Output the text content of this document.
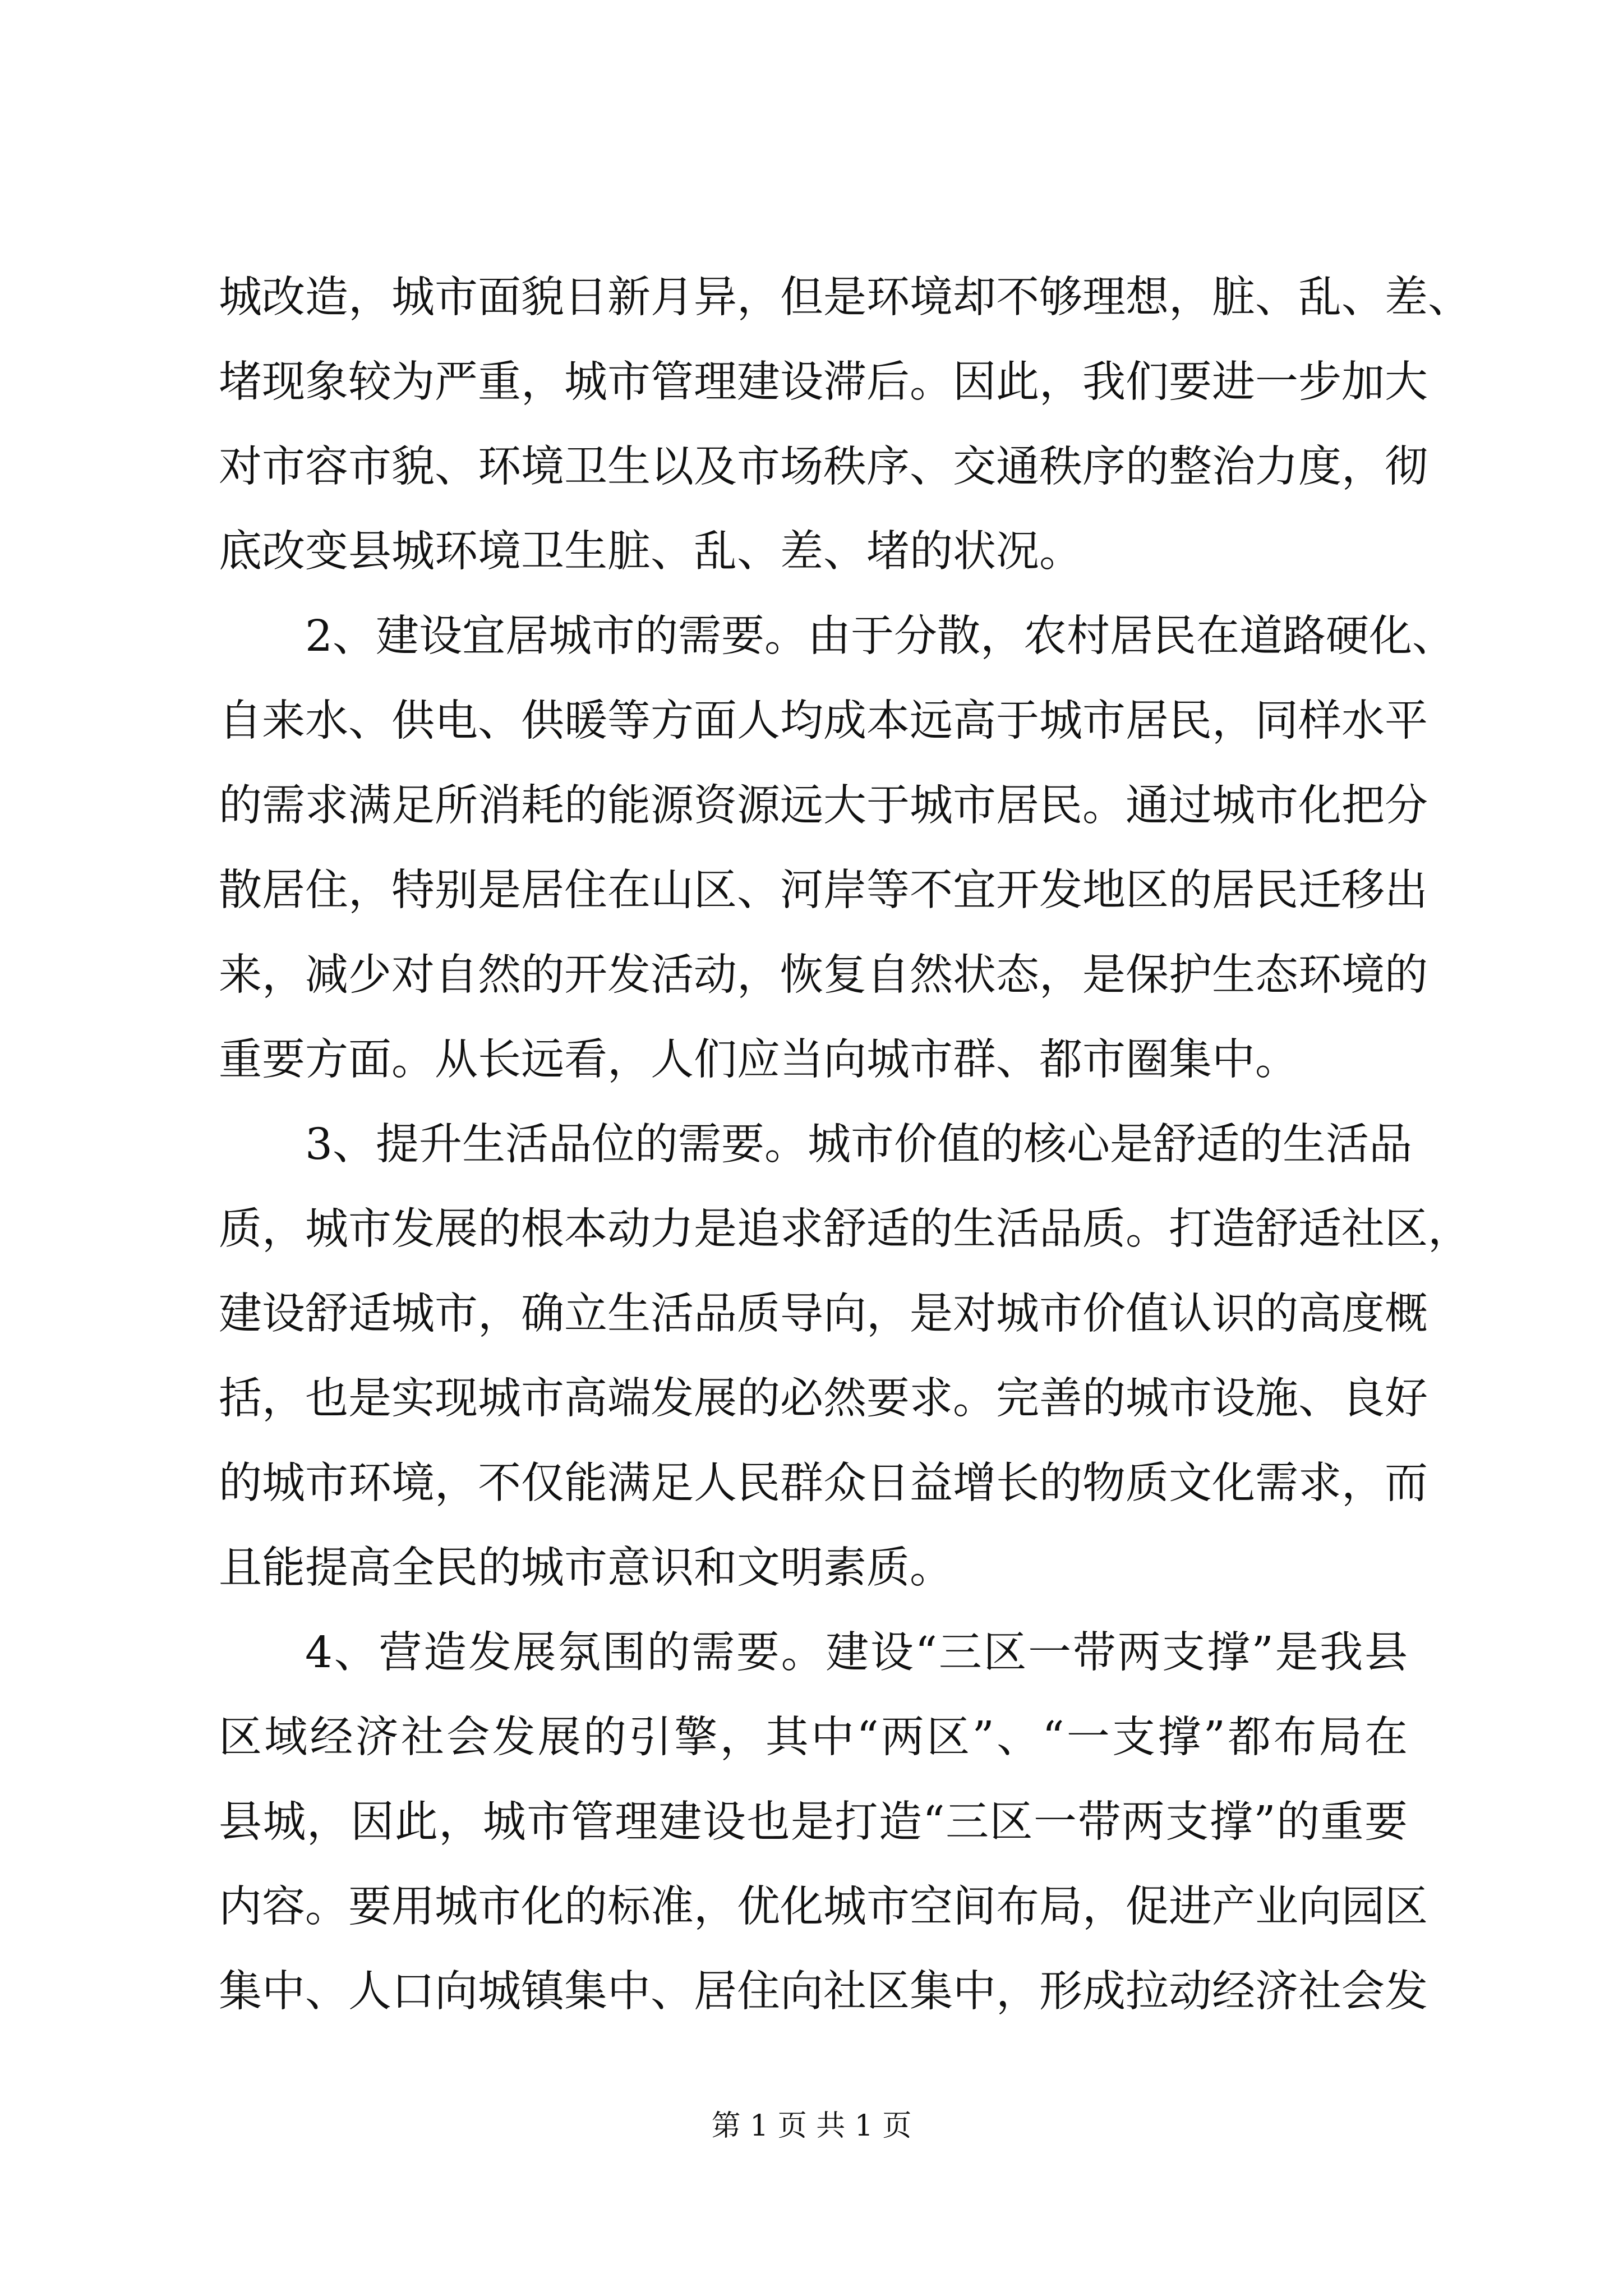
城改造，城市面貌日新月异，但是环境却不够理想，脏、乱、差、
堵现象较为严重，城市管理建设滞后。因此，我们要进一步加大
对市容市貌、环境卫生以及市场秩序、交通秩序的整治力度，彻
底改变县城环境卫生脏、乱、差、堵的状况。
2、建设宜居城市的需要。由于分散，农村居民在道路硬化、
自来水、供电、供暖等方面人均成本远高于城市居民，同样水平
的需求满足所消耗的能源资源远大于城市居民。通过城市化把分
散居住，特别是居住在山区、河岸等不宜开发地区的居民迁移出
来，减少对自然的开发活动，恢复自然状态，是保护生态环境的
重要方面。从长远看，人们应当向城市群、都市圈集中。
3、提升生活品位的需要。城市价值的核心是舒适的生活品
质，城市发展的根本动力是追求舒适的生活品质。打造舒适社区，
建设舒适城市，确立生活品质导向，是对城市价值认识的高度概
括，也是实现城市高端发展的必然要求。完善的城市设施、良好
的城市环境，不仅能满足人民群众日益增长的物质文化需求，而
且能提高全民的城市意识和文明素质。
4、营造发展氛围的需要。建设“三区一带两支撑”是我县
区域经济社会发展的引擎，其中“两区”、“一支撑”都布局在
县城，因此，城市管理建设也是打造“三区一带两支撑”的重要
内容。要用城市化的标准，优化城市空间布局，促进产业向园区
集中、人口向城镇集中、居住向社区集中，形成拉动经济社会发
第 1 页 共 1 页
